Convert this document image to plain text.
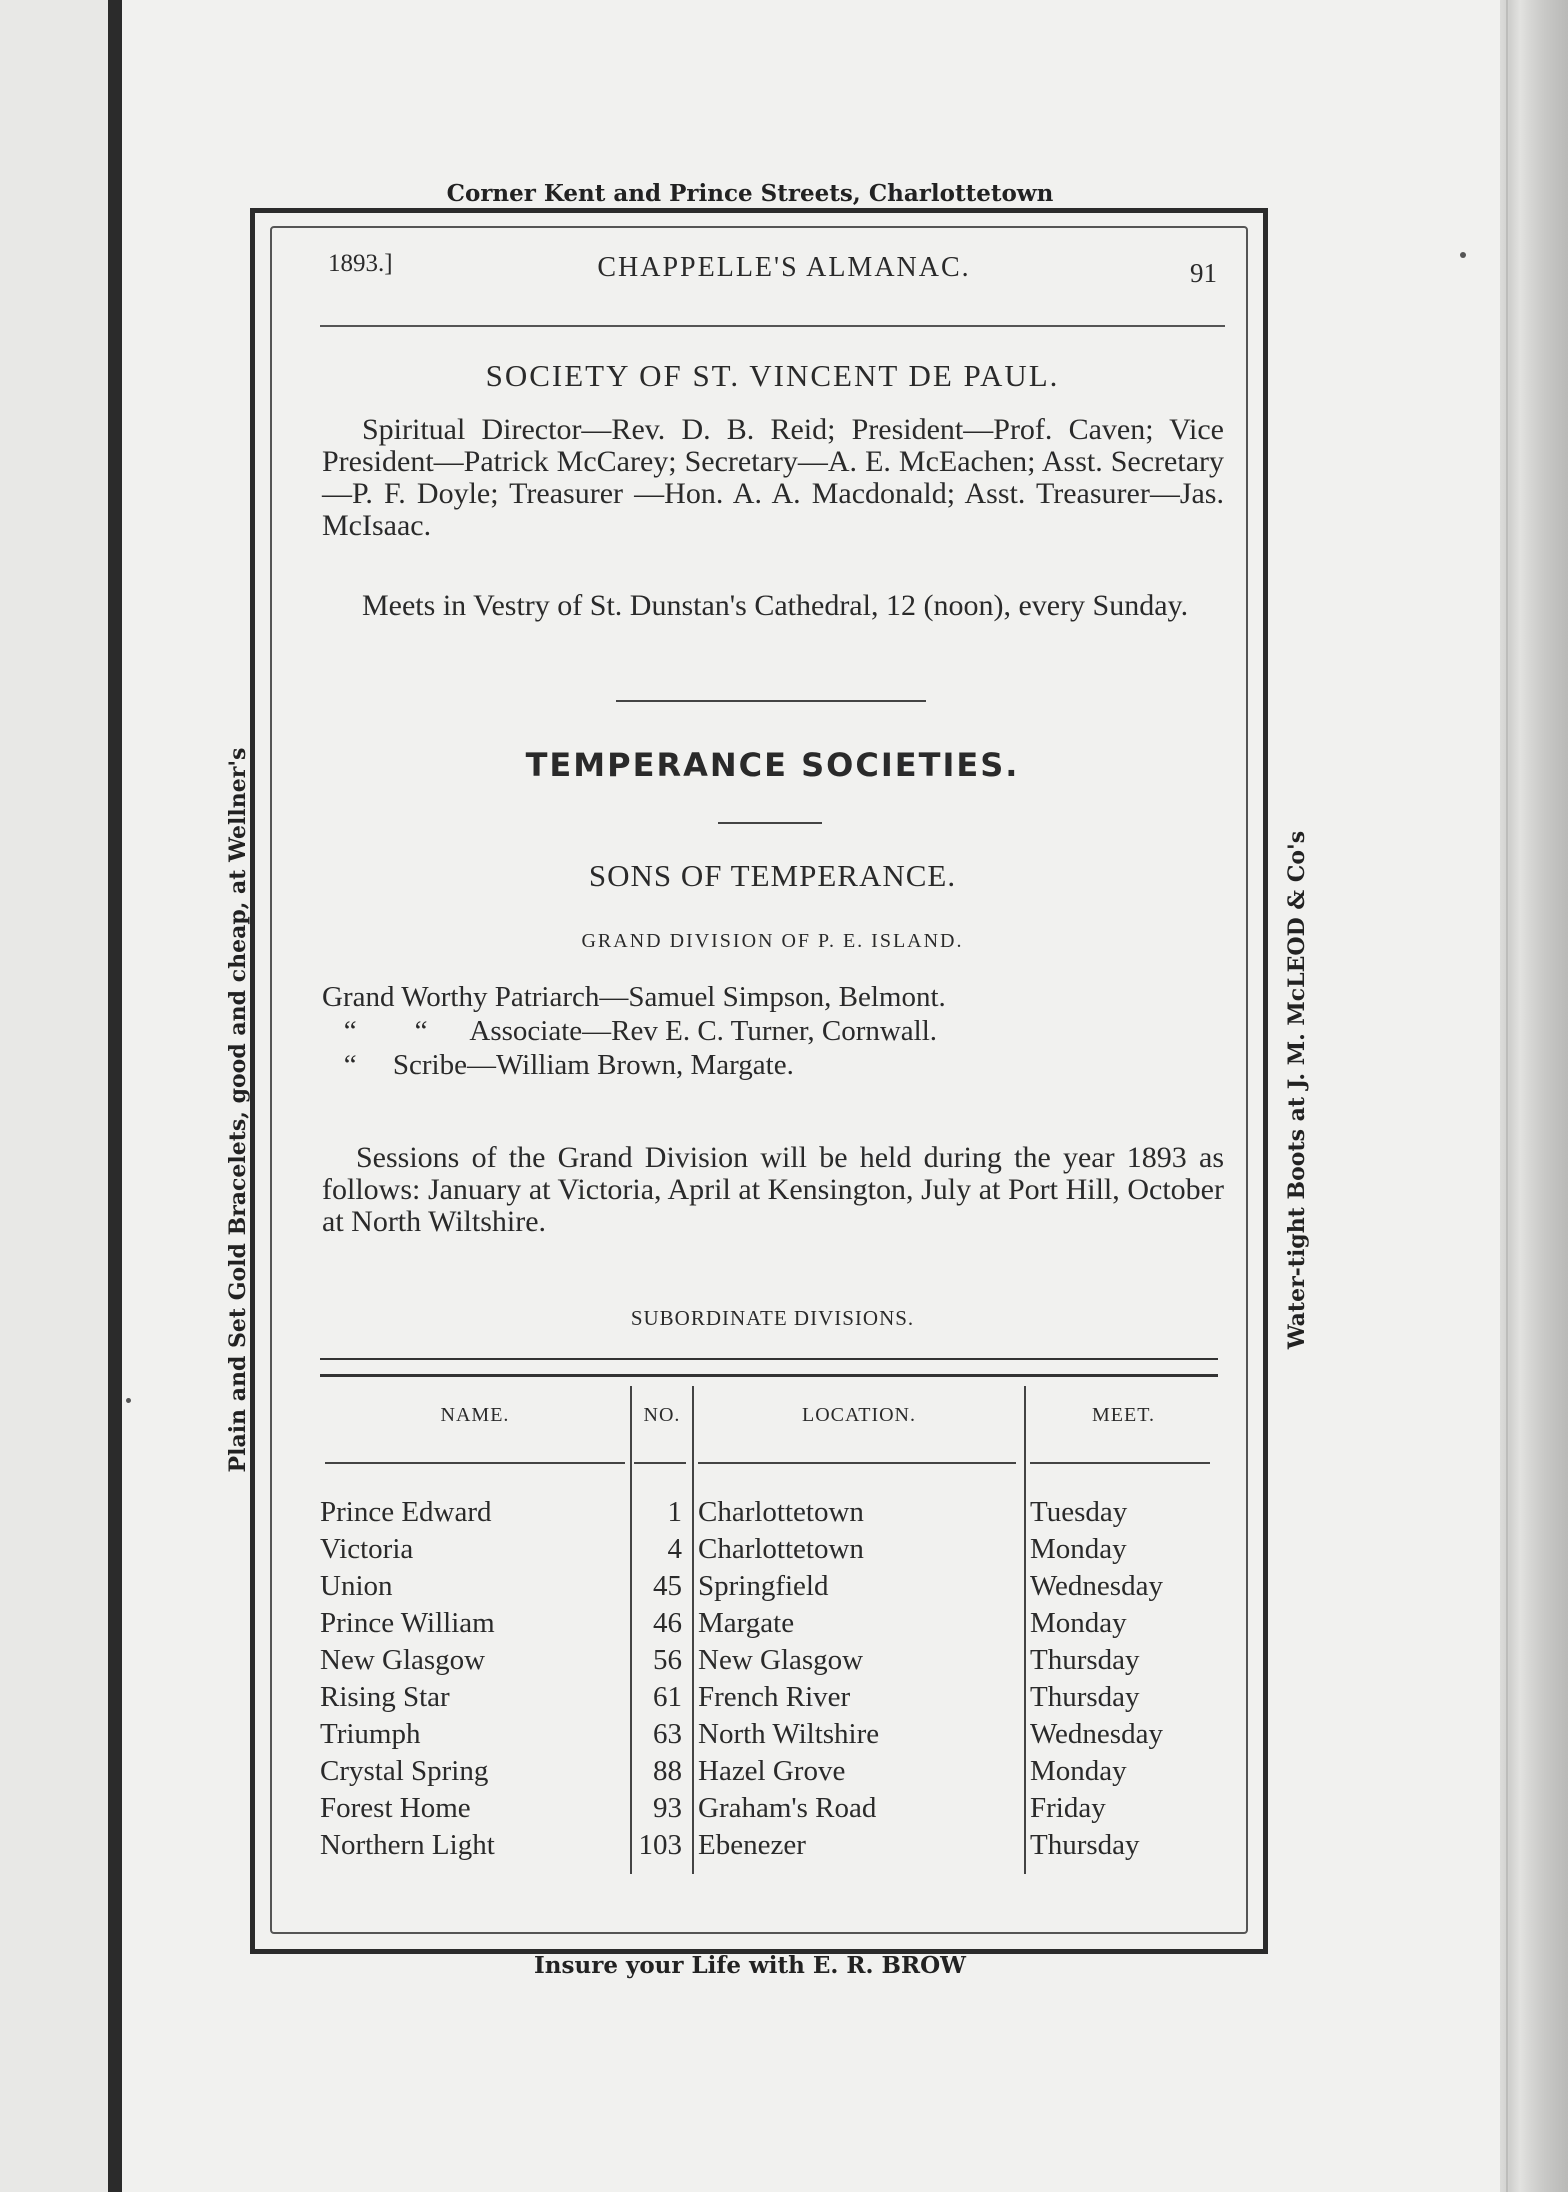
Corner Kent and Prince Streets, Charlottetown
Plain and Set Gold Bracelets, good and cheap, at Wellner's	Water-tight Boots at J. M. McLEOD & Co's
Insure your Life with E. R. BROW
1893.]	CHAPPELLE'S ALMANAC.	91
SOCIETY OF ST. VINCENT DE PAUL.
Spiritual Director—Rev. D. B. Reid; President—Prof. Caven; Vice President—Patrick McCarey; Secretary—A. E. McEachen; Asst. Secretary—P. F. Doyle; Treasurer —Hon. A. A. Macdonald; Asst. Treasurer—Jas. McIsaac.
Meets in Vestry of St. Dunstan's Cathedral, 12 (noon), every Sunday.
TEMPERANCE SOCIETIES.
SONS OF TEMPERANCE.
GRAND DIVISION OF P. E. ISLAND.
Grand Worthy Patriarch—Samuel Simpson, Belmont.
“        “      Associate—Rev E. C. Turner, Cornwall.
“     Scribe—William Brown, Margate.
Sessions of the Grand Division will be held during the year 1893 as follows: January at Victoria, April at Kensington, July at Port Hill, October at North Wiltshire.
SUBORDINATE DIVISIONS.
NAME.	NO.	LOCATION.	MEET.
Prince Edward	1 Charlottetown	Tuesday
Victoria	4 Charlottetown	Monday
Union	45 Springfield	Wednesday
Prince William	46 Margate	Monday
New Glasgow	56 New Glasgow	Thursday
Rising Star	61 French River	Thursday
Triumph	63 North Wiltshire	Wednesday
Crystal Spring	88 Hazel Grove	Monday
Forest Home	93 Graham's Road	Friday
Northern Light	103 Ebenezer	Thursday
